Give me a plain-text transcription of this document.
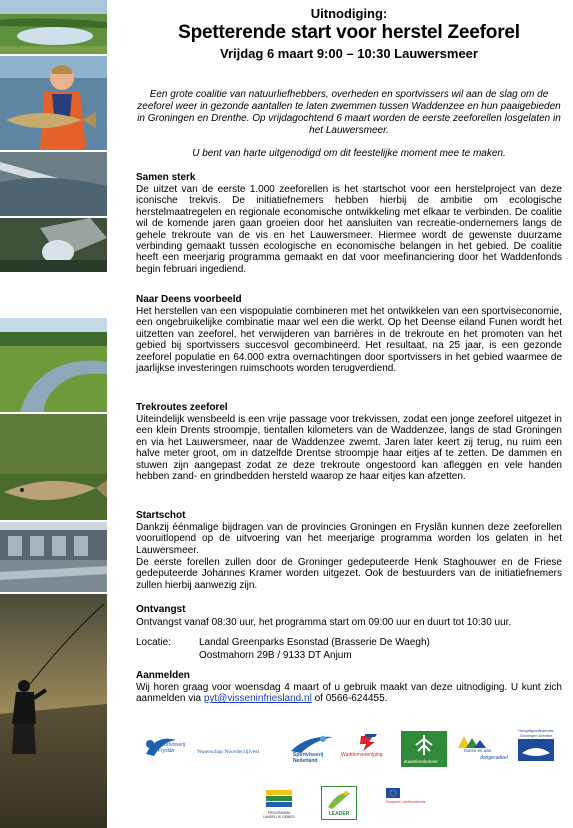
Uitnodiging:
Spetterende start voor herstel Zeeforel
Vrijdag 6 maart 9:00 – 10:30 Lauwersmeer
Een grote coalitie van natuurliefhebbers, overheden en sportvissers wil aan de slag om de zeeforel weer in gezonde aantallen te laten zwemmen tussen Waddenzee en hun paaigebieden in Groningen en Drenthe. Op vrijdagochtend 6 maart worden de eerste zeeforellen losgelaten in het Lauwersmeer.
U bent van harte uitgenodigd om dit feestelijke moment mee te maken.
Samen sterk
De uitzet van de eerste 1.000 zeeforellen is het startschot voor een herstelproject van deze iconische trekvis. De initiatiefnemers hebben hierbij de ambitie om ecologische herstelmaatregelen en regionale economische ontwikkeling met elkaar te verbinden. De coalitie wil de komende jaren gaan groeien door het aansluiten van recreatie-ondernemers langs de gehele trekroute van de vis en het Lauwersmeer. Hiermee wordt de gewenste duurzame verbinding gemaakt tussen ecologische en economische belangen in het gebied. De coalitie heeft een meerjarig programma gemaakt en dat voor meefinanciering door het Waddenfonds begin februari ingediend.
Naar Deens voorbeeld
Het herstellen van een vispopulatie combineren met het ontwikkelen van een sportviseconomie, een ongebruikelijke combinatie maar wel een die werkt. Op het Deense eiland Funen wordt het uitzetten van zeeforel, het verwijderen van barrières in de trekroute en het promoten van het gebied bij sportvissers succesvol gecombineerd. Het resultaat, na 25 jaar, is een gezonde zeeforel populatie en 64.000 extra overnachtingen door sportvissers in het gebied waarmee de jaarlijkse investeringen ruimschoots worden terugverdiend.
Trekroutes zeeforel
Uiteindelijk wensbeeld is een vrije passage voor trekvissen, zodat een jonge zeeforel uitgezet in een klein Drents stroompje, tientallen kilometers van de Waddenzee, langs de stad Groningen en via het Lauwersmeer, naar de Waddenzee zwemt. Jaren later keert zij terug, nu ruim een halve meter groot, om in datzelfde Drentse stroompje haar eitjes af te zetten. De dammen en stuwen zijn aangepast zodat ze deze trekroute ongestoord kan afleggen en vele handen hebben zand- en grindbedden hersteld waarop ze haar eitjes kan afzetten.
Startschot
Dankzij éénmalige bijdragen van de provincies Groningen en Fryslân kunnen deze zeeforellen vooruitlopend op de uitvoering van het meerjarige programma worden los gelaten in het Lauwersmeer.
De eerste forellen zullen door de Groninger gedeputeerde Henk Staghouwer en de Friese gedeputeerde Johannes Kramer worden uitgezet. Ook de bestuurders van de initiatiefnemers zullen hierbij aanwezig zijn.
Ontvangst
Ontvangst vanaf 08:30 uur, het programma start om 09:00 uur en duurt tot 10:30 uur.
Locatie:	Landal Greenparks Esonstad (Brasserie De Waegh)
Oostmahorn 29B / 9133 DT Anjum
Aanmelden
Wij horen graag voor woensdag 4 maart of u gebruik maakt van deze uitnodiging. U kunt zich aanmelden via pyt@visseninfriesland.nl of 0566-624455.
Sportvisserij Fryslân	Waterschap Noorderzijlvest	Sportvisserij Nederland
Waddenvereniging
staatsbosbeheer
hunze en aas
dongeradeel
Hengelsportfederatie Groningen Drenthe
PROGRAMMA LANDELIJK GEBIED	LEADER
Europees Landbouwfonds
